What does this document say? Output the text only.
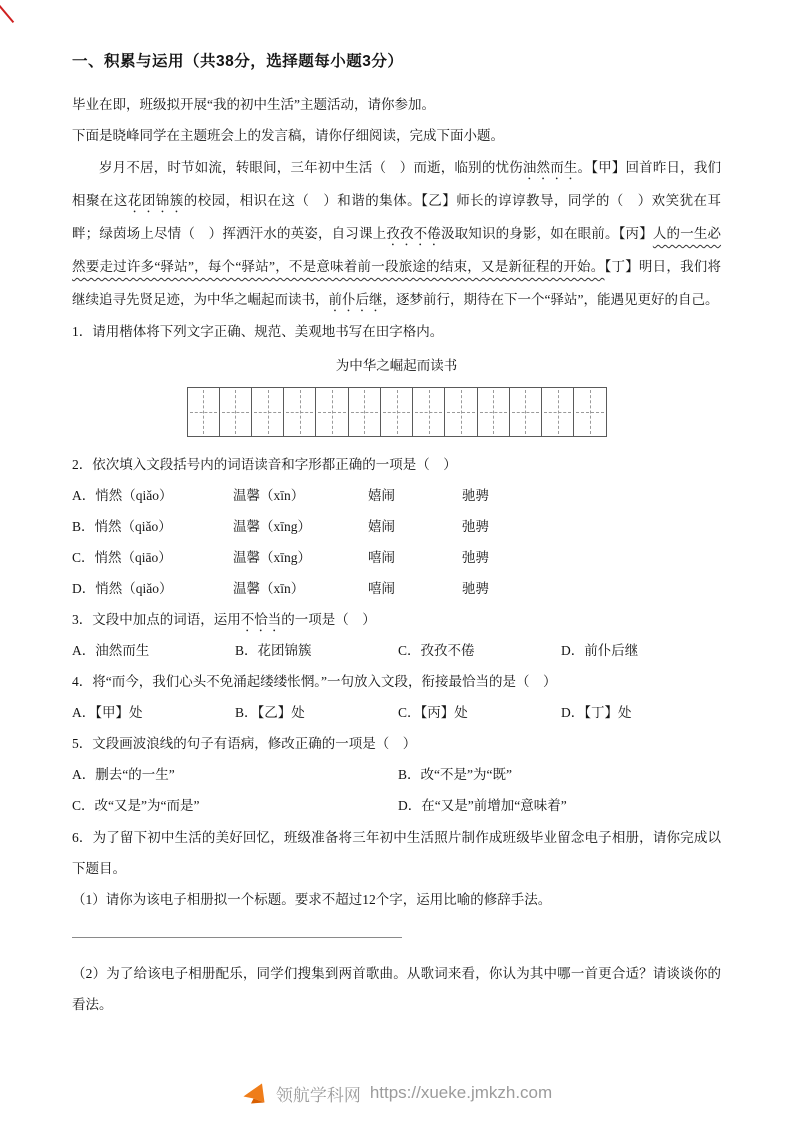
一、积累与运用（共38分，选择题每小题3分）

毕业在即，班级拟开展“我的初中生活”主题活动，请你参加。

下面是晓峰同学在主题班会上的发言稿，请你仔细阅读，完成下面小题。

岁月不居，时节如流，转眼间，三年初中生活（　）而逝，临别的忧伤油然而生。【甲】回首昨日，我们相聚在这花团锦簇的校园，相识在这（　）和谐的集体。【乙】师长的谆谆教导，同学的（　）欢笑犹在耳畔；绿茵场上尽情（　）挥洒汗水的英姿，自习课上孜孜不倦汲取知识的身影，如在眼前。【丙】人的一生必然要走过许多“驿站”，每个“驿站”，不是意味着前一段旅途的结束，又是新征程的开始。【丁】明日，我们将继续追寻先贤足迹，为中华之崛起而读书，前仆后继，逐梦前行，期待在下一个“驿站”，能遇见更好的自己。

1．请用楷体将下列文字正确、规范、美观地书写在田字格内。

为中华之崛起而读书

2．依次填入文段括号内的词语读音和字形都正确的一项是（　）

A．悄然（qiǎo）	温馨（xīn）	嬉闹	驰骋
B．悄然（qiǎo）	温馨（xīng）	嬉闹	弛骋
C．悄然（qiāo）	温馨（xīng）	嘻闹	弛骋
D．悄然（qiǎo）	温馨（xīn）	嘻闹	驰骋

3．文段中加点的词语，运用不恰当的一项是（　）

A．油然而生	B．花团锦簇	C．孜孜不倦	D．前仆后继

4．将“而今，我们心头不免涌起缕缕怅惘。”一句放入文段，衔接最恰当的是（　）

A．【甲】处	B．【乙】处	C．【丙】处	D．【丁】处

5．文段画波浪线的句子有语病，修改正确的一项是（　）

A．删去“的一生”	B．改“不是”为“既”
C．改“又是”为“而是”	D．在“又是”前增加“意味着”

6．为了留下初中生活的美好回忆，班级准备将三年初中生活照片制作成班级毕业留念电子相册，请你完成以下题目。

（1）请你为该电子相册拟一个标题。要求不超过12个字，运用比喻的修辞手法。

（2）为了给该电子相册配乐，同学们搜集到两首歌曲。从歌词来看，你认为其中哪一首更合适？请谈谈你的看法。

领航学科网 https://xueke.jmkzh.com
